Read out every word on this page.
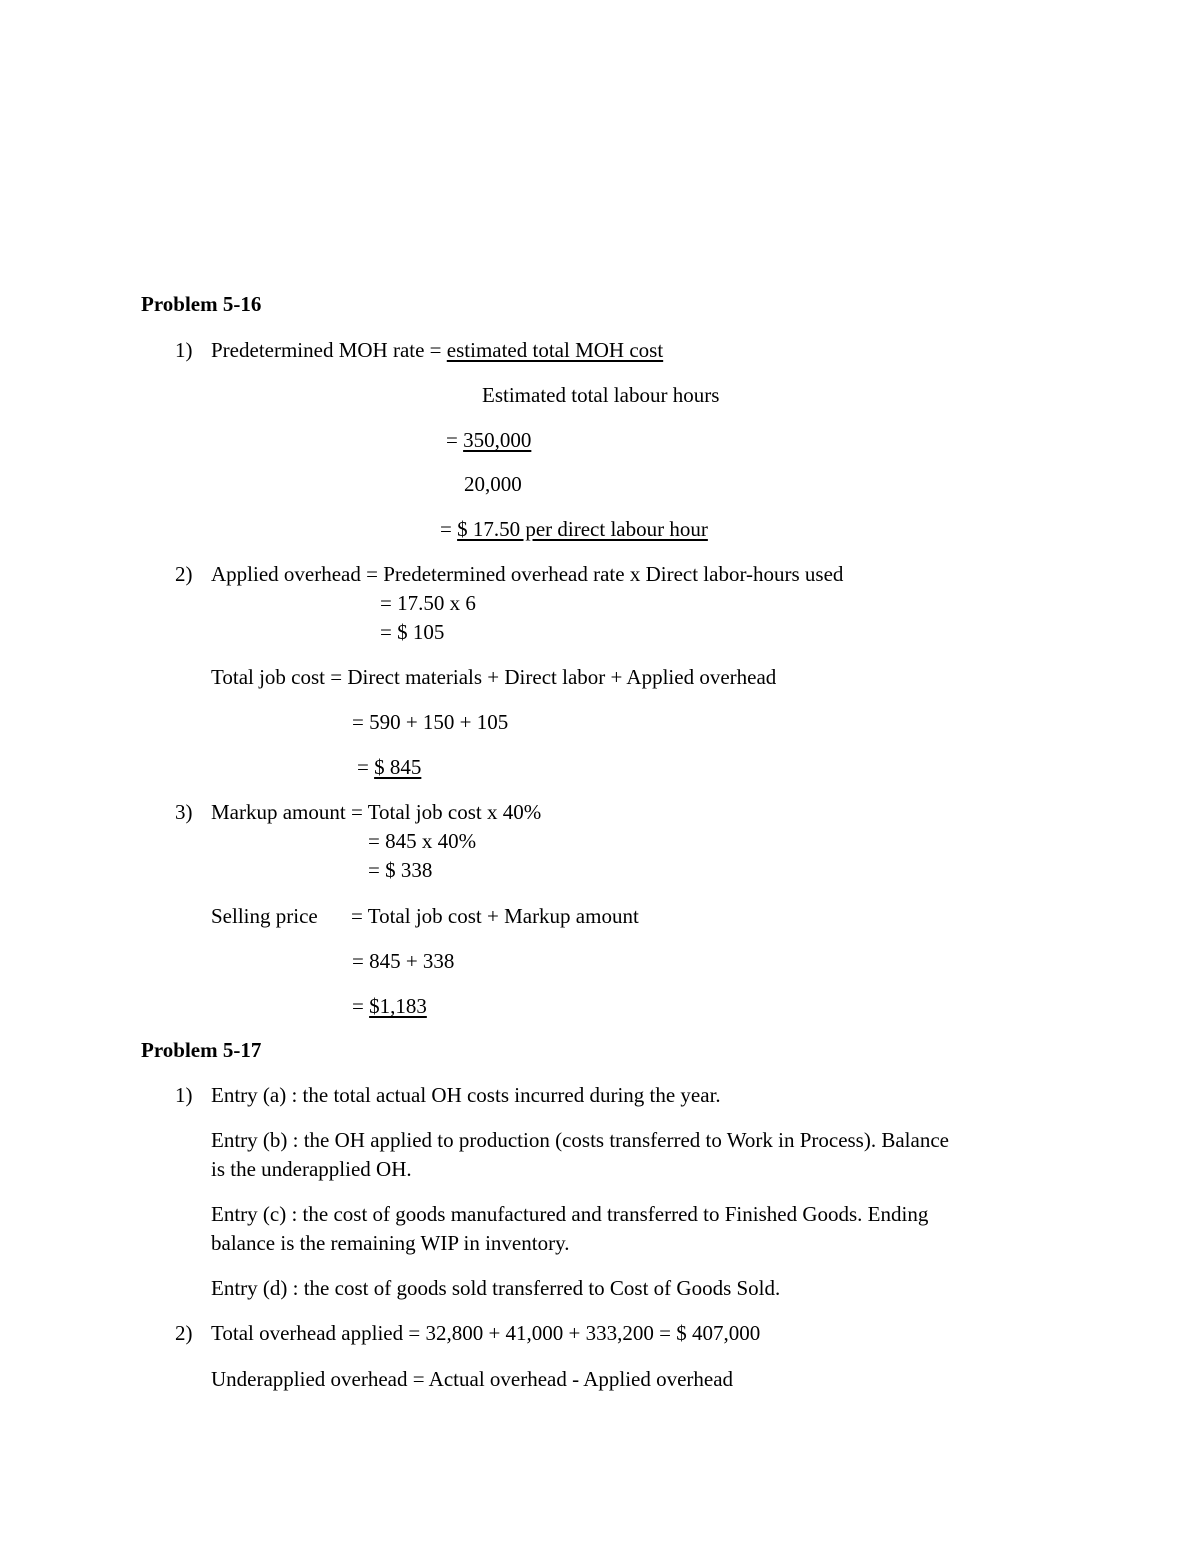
Problem 5-16
1) Predetermined MOH rate = estimated total MOH cost
Estimated total labour hours
= 350,000
20,000
= $ 17.50 per direct labour hour
2) Applied overhead = Predetermined overhead rate x Direct labor-hours used
= 17.50 x 6
= $ 105
Total job cost = Direct materials + Direct labor + Applied overhead
= 590 + 150 + 105
= $ 845
3) Markup amount = Total job cost x 40%
= 845 x 40%
= $ 338
Selling price = Total job cost + Markup amount
= 845 + 338
= $1,183
Problem 5-17
1) Entry (a) : the total actual OH costs incurred during the year.
Entry (b) : the OH applied to production (costs transferred to Work in Process). Balance
is the underapplied OH.
Entry (c) : the cost of goods manufactured and transferred to Finished Goods. Ending
balance is the remaining WIP in inventory.
Entry (d) : the cost of goods sold transferred to Cost of Goods Sold.
2) Total overhead applied = 32,800 + 41,000 + 333,200 = $ 407,000
Underapplied overhead = Actual overhead - Applied overhead
